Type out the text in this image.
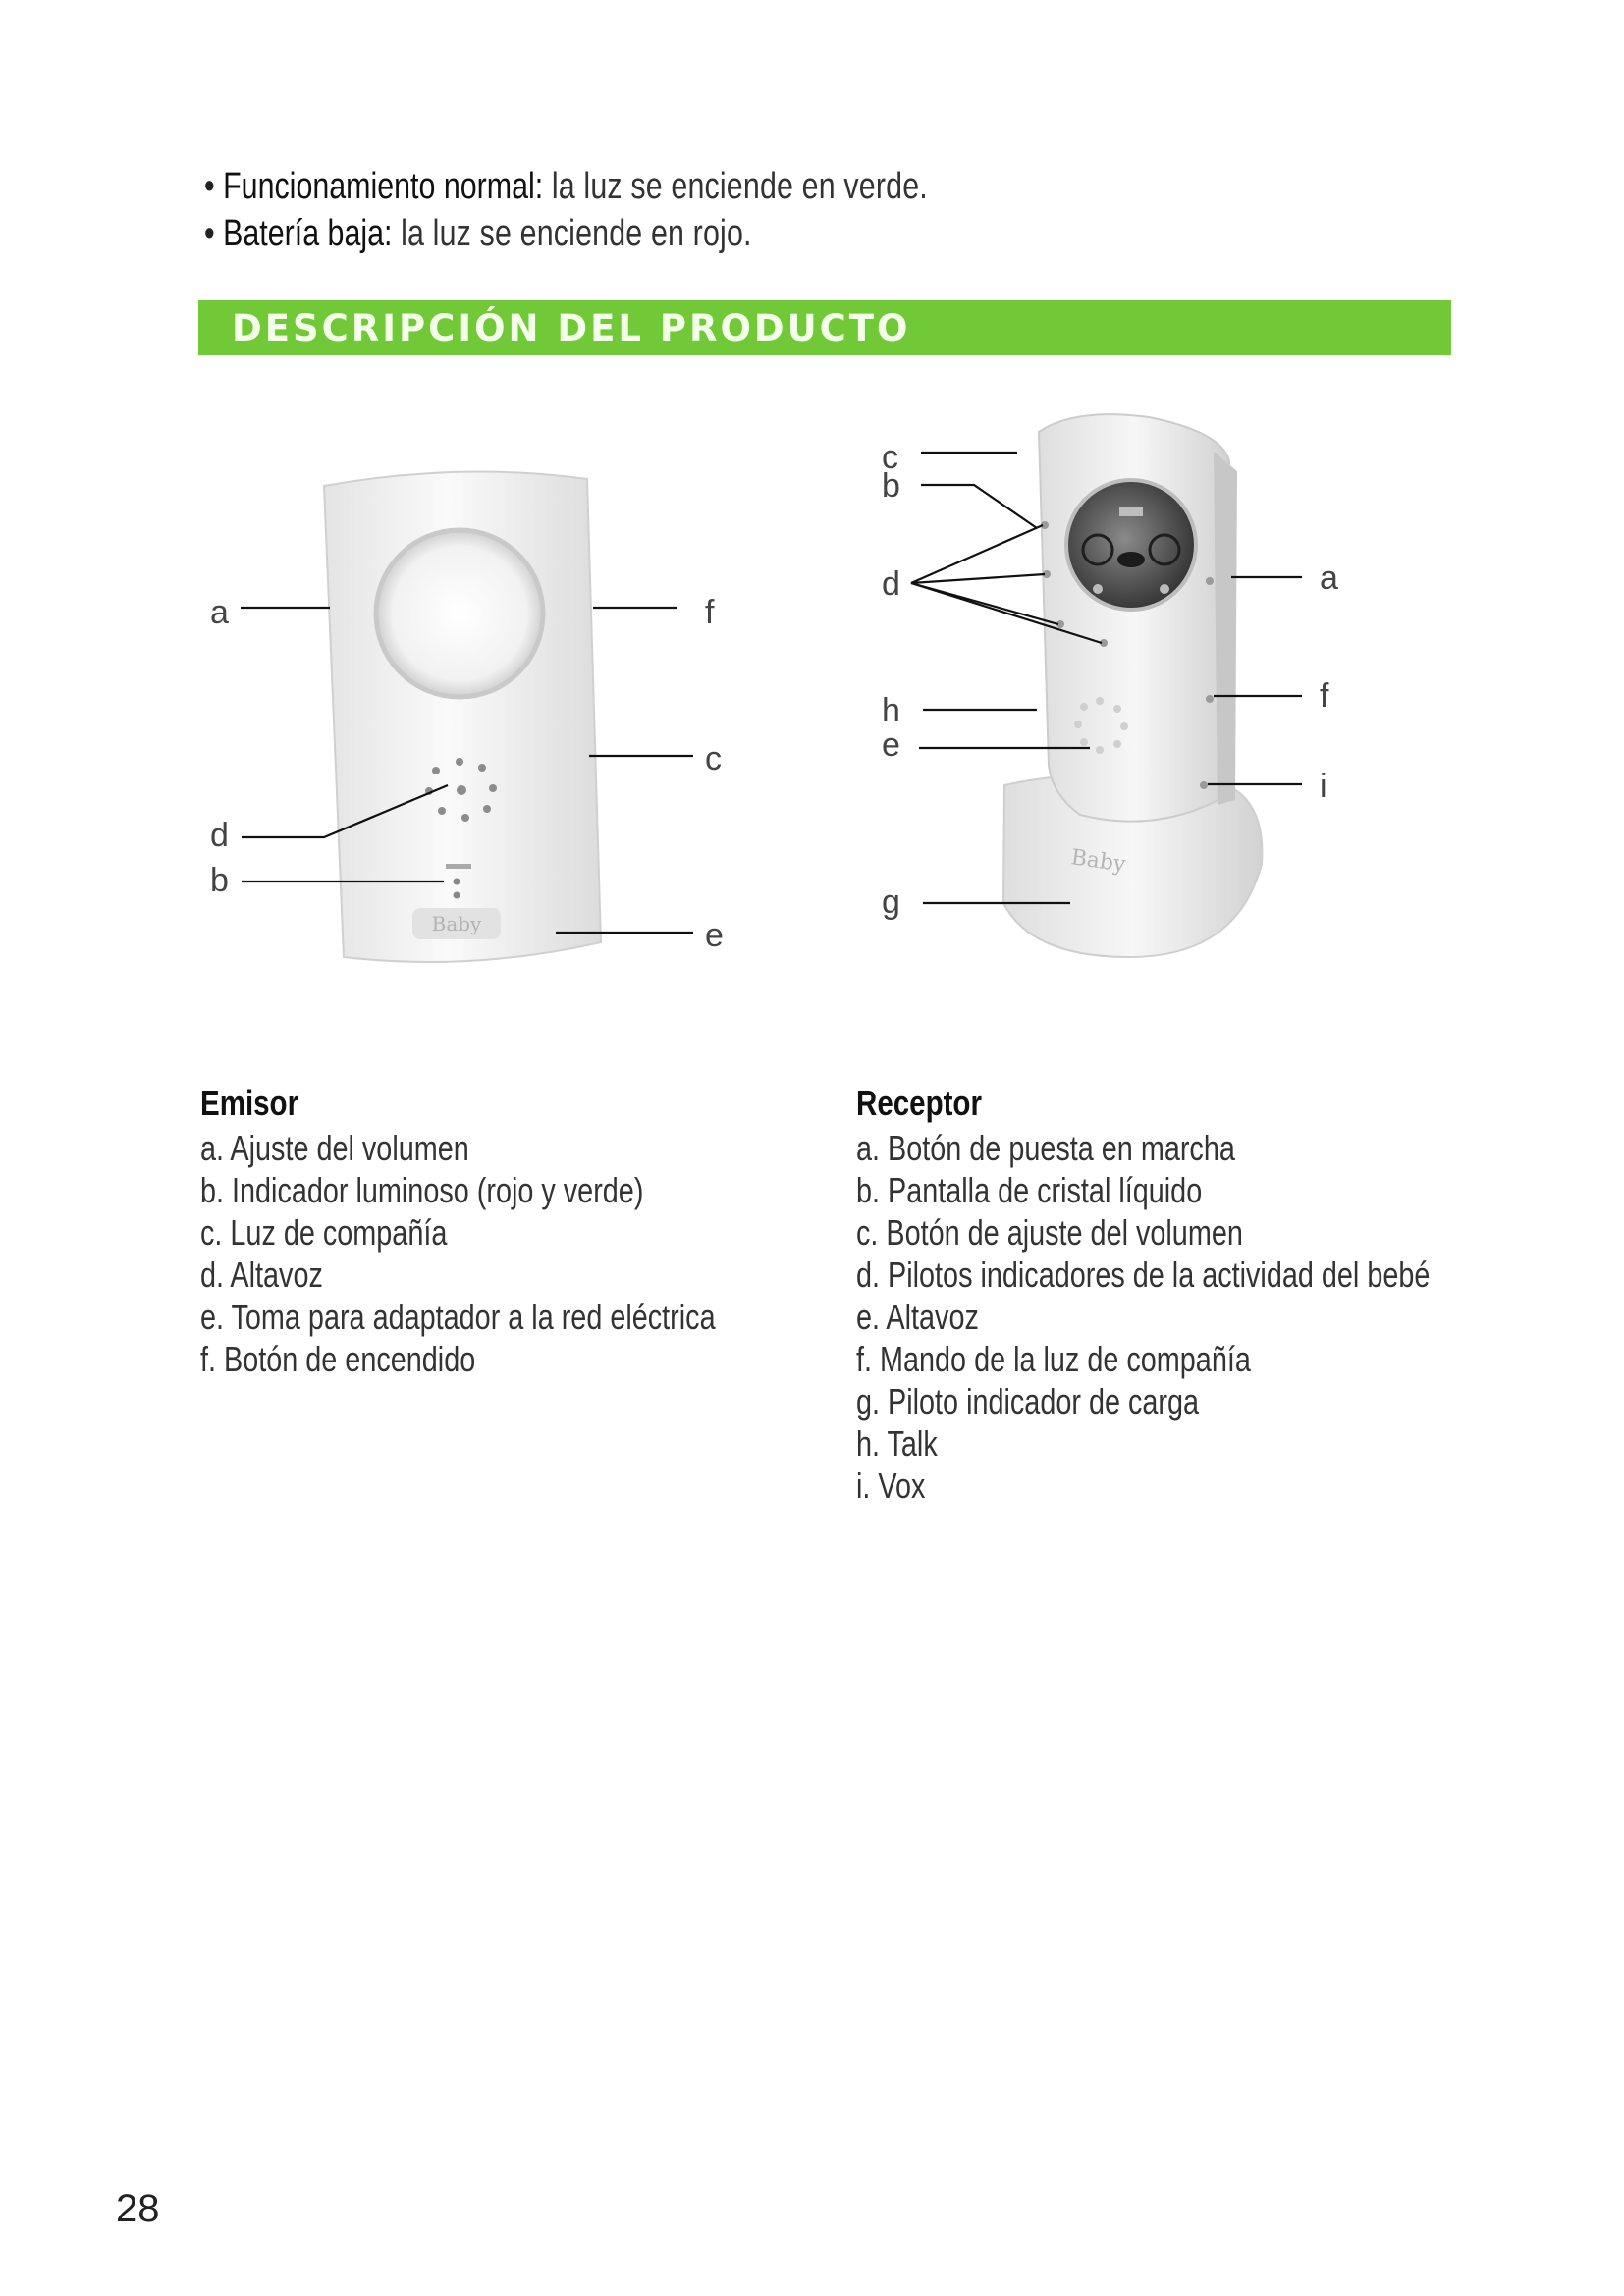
• Funcionamiento normal: la luz se enciende en verde.
• Batería baja: la luz se enciende en rojo.
DESCRIPCIÓN DEL PRODUCTO
Baby
Baby
a	f
c
d
b
e
c
b
d	a
h
e
f
i
g
Emisor
a. Ajuste del volumen
b. Indicador luminoso (rojo y verde)
c. Luz de compañía
d. Altavoz
e. Toma para adaptador a la red eléctrica
f. Botón de encendido
Receptor
a. Botón de puesta en marcha
b. Pantalla de cristal líquido
c. Botón de ajuste del volumen
d. Pilotos indicadores de la actividad del bebé
e. Altavoz
f. Mando de la luz de compañía
g. Piloto indicador de carga
h. Talk
i. Vox
28
